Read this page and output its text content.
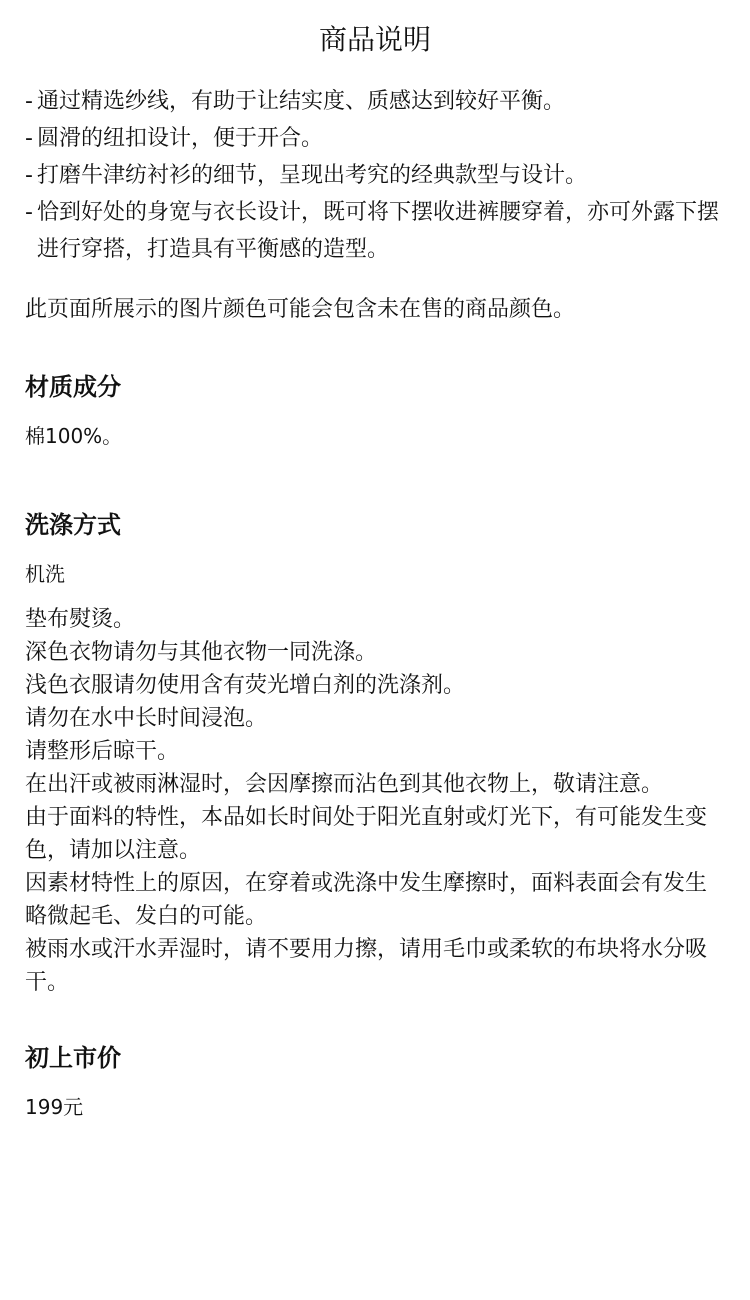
商品说明
- 通过精选纱线，有助于让结实度、质感达到较好平衡。
- 圆滑的纽扣设计，便于开合。
- 打磨牛津纺衬衫的细节，呈现出考究的经典款型与设计。
- 恰到好处的身宽与衣长设计，既可将下摆收进裤腰穿着，亦可外露下摆进行穿搭，打造具有平衡感的造型。

此页面所展示的图片颜色可能会包含未在售的商品颜色。

材质成分

棉100%。

洗涤方式

机洗

垫布熨烫。
深色衣物请勿与其他衣物一同洗涤。
浅色衣服请勿使用含有荧光增白剂的洗涤剂。
请勿在水中长时间浸泡。
请整形后晾干。
在出汗或被雨淋湿时，会因摩擦而沾色到其他衣物上，敬请注意。
由于面料的特性，本品如长时间处于阳光直射或灯光下，有可能发生变色，请加以注意。
因素材特性上的原因，在穿着或洗涤中发生摩擦时，面料表面会有发生略微起毛、发白的可能。
被雨水或汗水弄湿时，请不要用力擦，请用毛巾或柔软的布块将水分吸干。
初上市价

199元
